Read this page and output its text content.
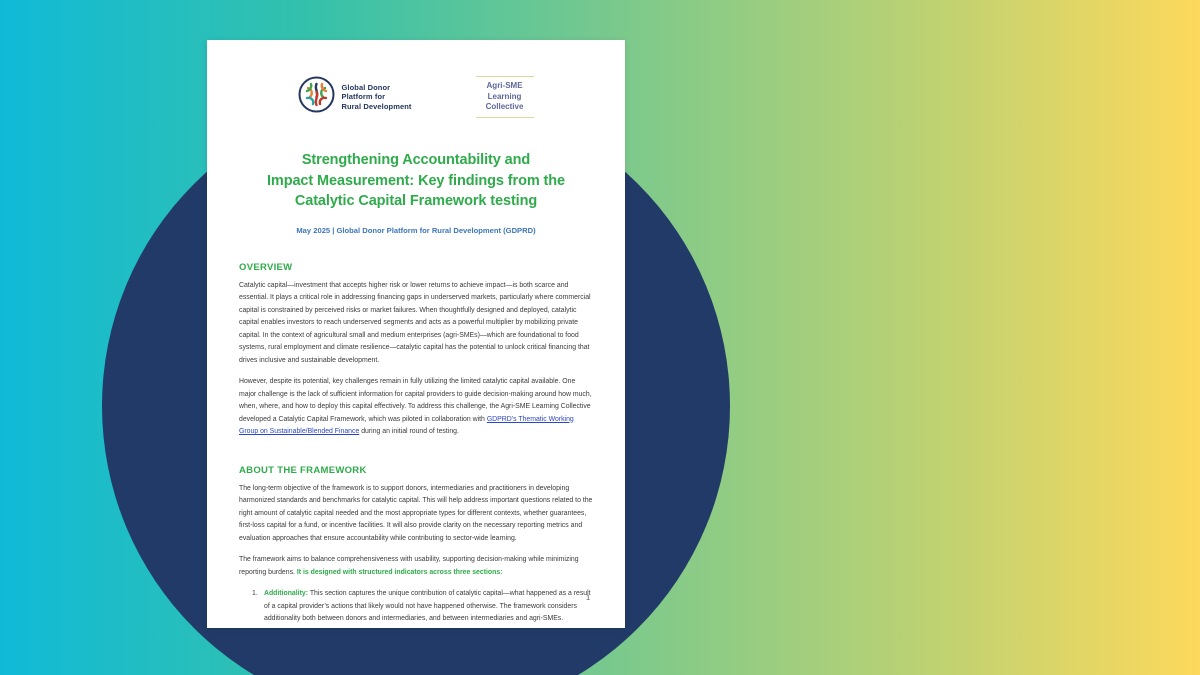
Global Donor
Platform for
Rural Development
Agri-SME
Learning
Collective
Strengthening Accountability and
Impact Measurement: Key findings from the
Catalytic Capital Framework testing
May 2025 | Global Donor Platform for Rural Development (GDPRD)
OVERVIEW
Catalytic capital—investment that accepts higher risk or lower returns to achieve impact—is both scarce and essential. It plays a critical role in addressing financing gaps in underserved markets, particularly where commercial capital is constrained by perceived risks or market failures. When thoughtfully designed and deployed, catalytic capital enables investors to reach underserved segments and acts as a powerful multiplier by mobilizing private capital. In the context of agricultural small and medium enterprises (agri-SMEs)—which are foundational to food systems, rural employment and climate resilience—catalytic capital has the potential to unlock critical financing that drives inclusive and sustainable development.
However, despite its potential, key challenges remain in fully utilizing the limited catalytic capital available. One major challenge is the lack of sufficient information for capital providers to guide decision-making around how much, when, where, and how to deploy this capital effectively. To address this challenge, the Agri-SME Learning Collective developed a Catalytic Capital Framework, which was piloted in collaboration with GDPRD’s Thematic Working Group on Sustainable/Blended Finance during an initial round of testing.
ABOUT THE FRAMEWORK
The long-term objective of the framework is to support donors, intermediaries and practitioners in developing harmonized standards and benchmarks for catalytic capital. This will help address important questions related to the right amount of catalytic capital needed and the most appropriate types for different contexts, whether guarantees, first-loss capital for a fund, or incentive facilities. It will also provide clarity on the necessary reporting metrics and evaluation approaches that ensure accountability while contributing to sector-wide learning.
The framework aims to balance comprehensiveness with usability, supporting decision-making while minimizing reporting burdens. It is designed with structured indicators across three sections:
1. Additionality: This section captures the unique contribution of catalytic capital—what happened as a result of a capital provider’s actions that likely would not have happened otherwise. The framework considers additionality both between donors and intermediaries, and between intermediaries and agri-SMEs.
1
